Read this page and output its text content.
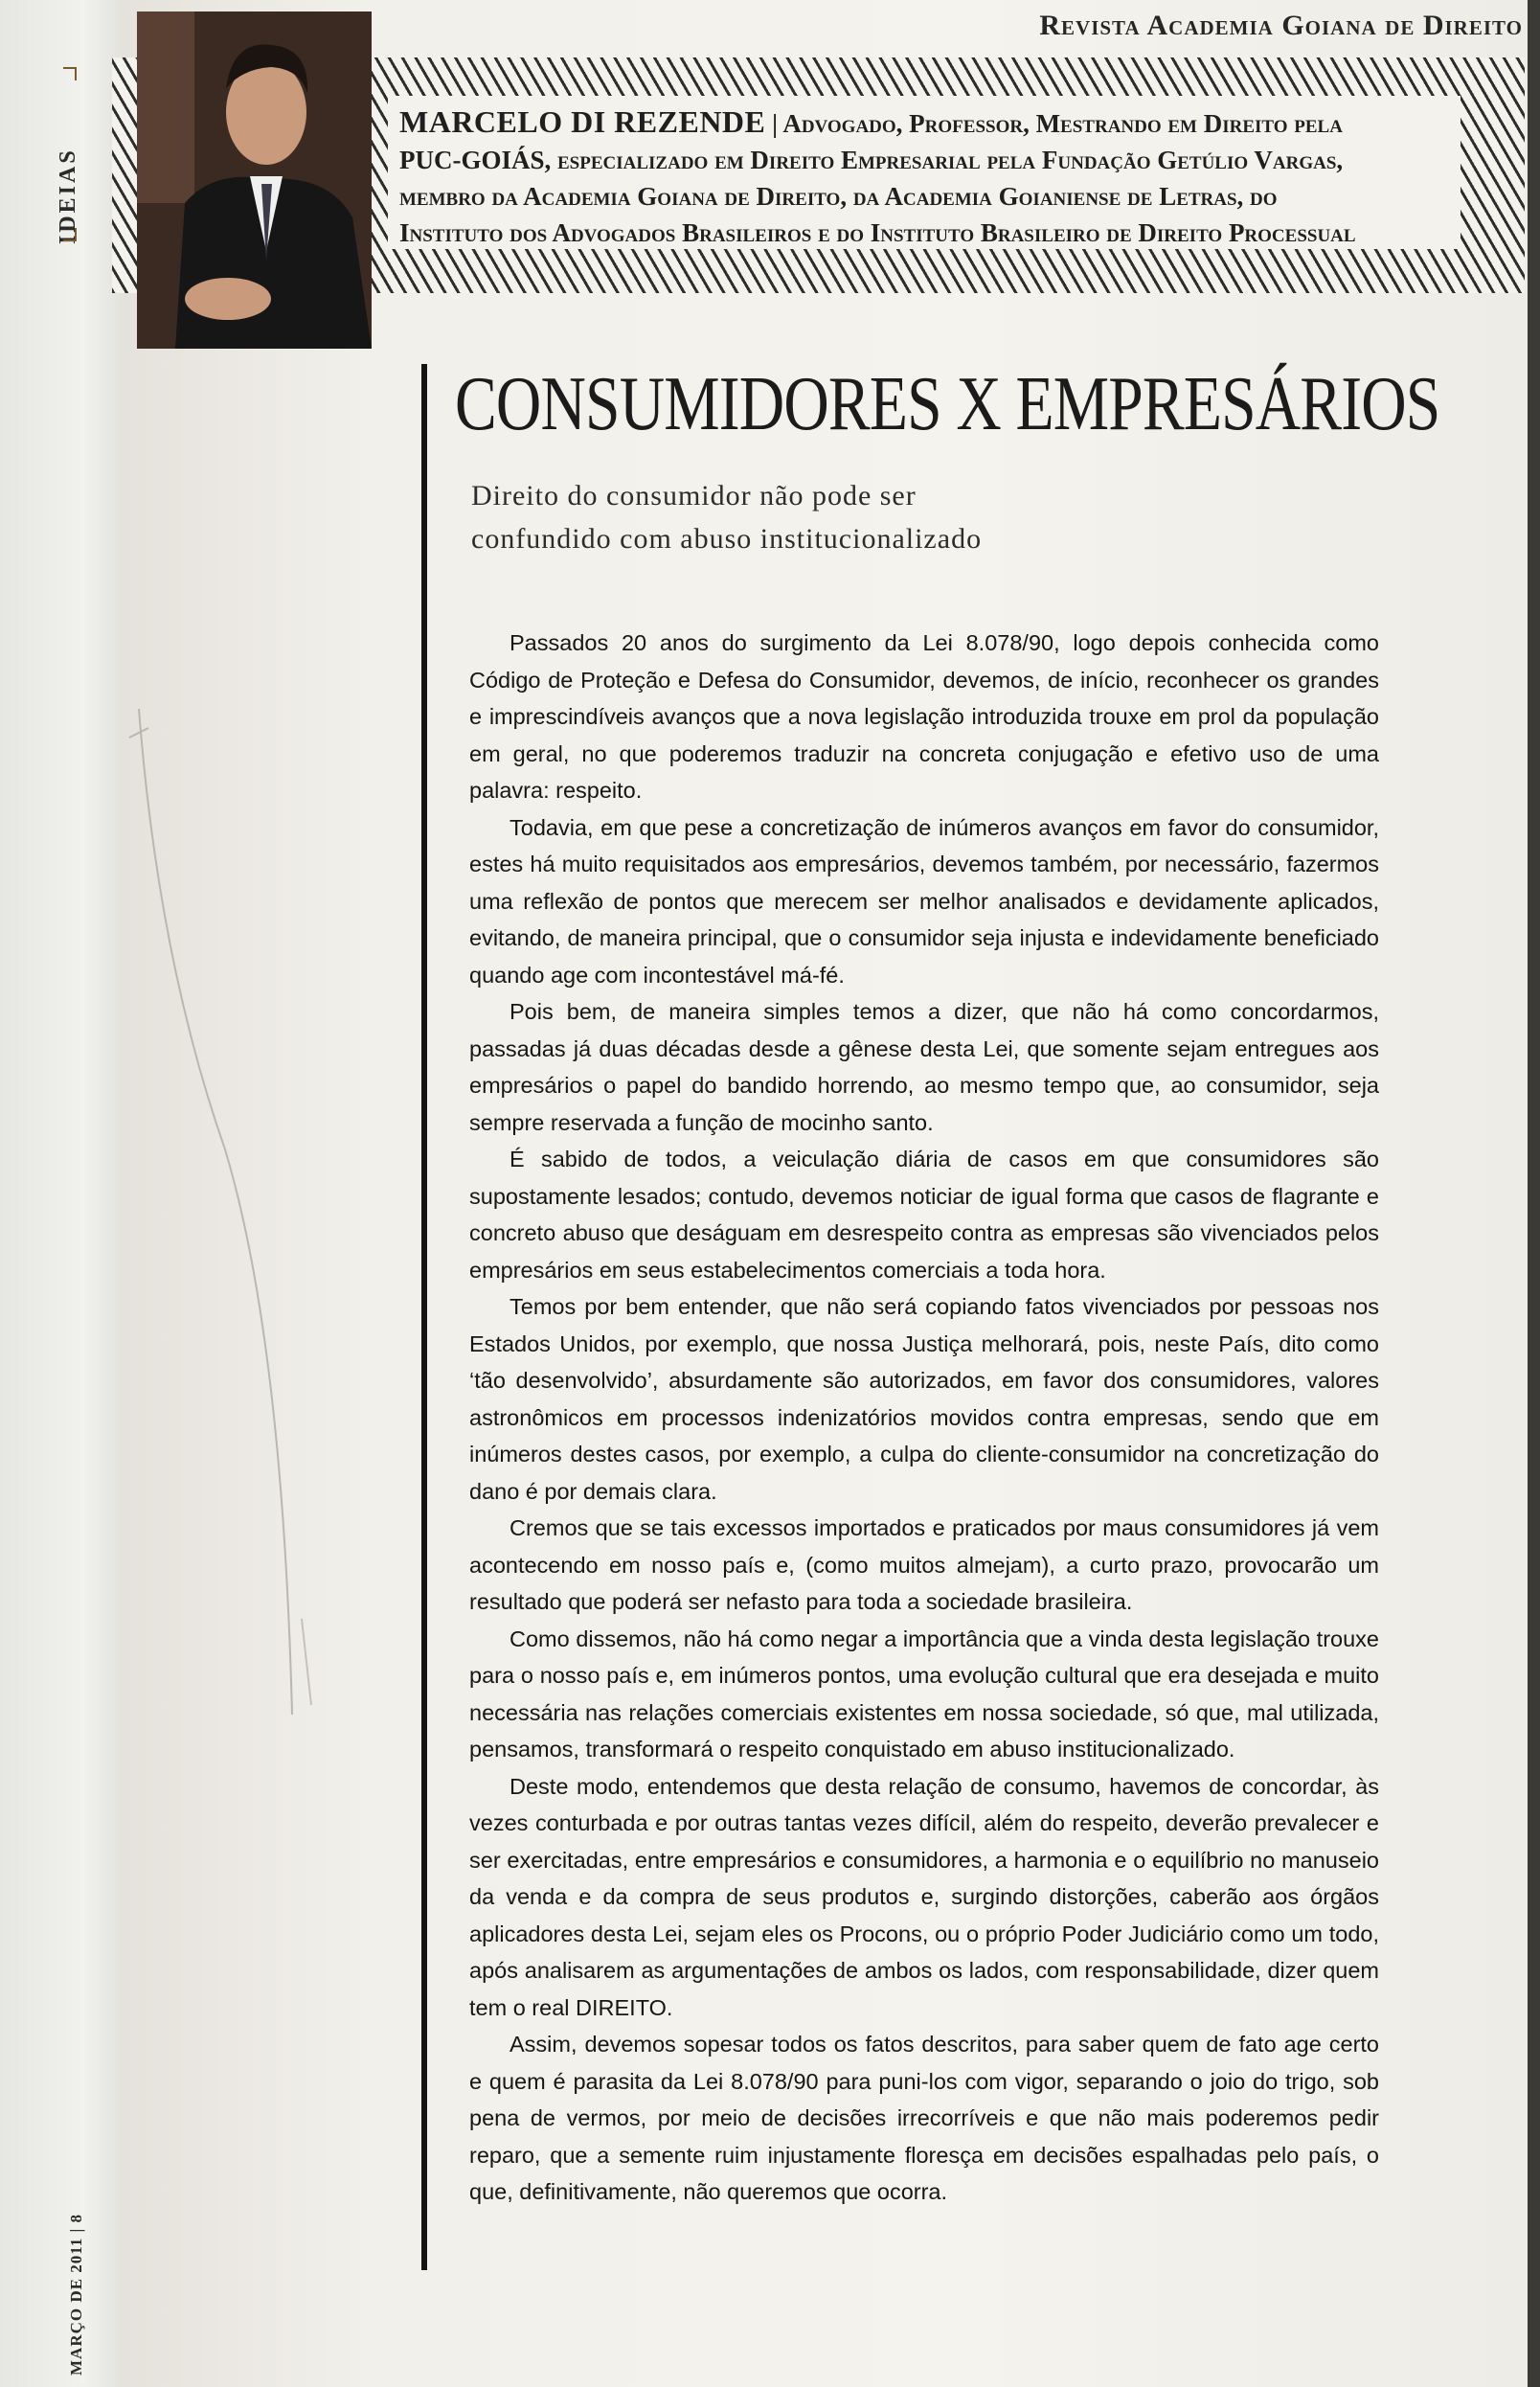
IDEIAS
MARÇO DE 2011 | 8
Revista Academia Goiana de Direito
MARCELO DI REZENDE | Advogado, Professor, Mestrando em Direito pela
PUC-GOIÁS, especializado em Direito Empresarial pela Fundação Getúlio Vargas,
membro da Academia Goiana de Direito, da Academia Goianiense de Letras, do
Instituto dos Advogados Brasileiros e do Instituto Brasileiro de Direito Processual
CONSUMIDORES X EMPRESÁRIOS
Direito do consumidor não pode ser
confundido com abuso institucionalizado

Passados 20 anos do surgimento da Lei 8.078/90, logo depois conhecida como Código de Proteção e Defesa do Consumidor, devemos, de início, reconhecer os grandes e imprescindíveis avanços que a nova legislação introduzida trouxe em prol da população em geral, no que poderemos traduzir na concreta conjugação e efetivo uso de uma palavra: respeito.

Todavia, em que pese a concretização de inúmeros avanços em favor do consumidor, estes há muito requisitados aos empresários, devemos também, por necessário, fazermos uma reflexão de pontos que merecem ser melhor analisados e devidamente aplicados, evitando, de maneira principal, que o consumidor seja injusta e indevidamente beneficiado quando age com incontestável má-fé.

Pois bem, de maneira simples temos a dizer, que não há como concordarmos, passadas já duas décadas desde a gênese desta Lei, que somente sejam entregues aos empresários o papel do bandido horrendo, ao mesmo tempo que, ao consumidor, seja sempre reservada a função de mocinho santo.

É sabido de todos, a veiculação diária de casos em que consumidores são supostamente lesados; contudo, devemos noticiar de igual forma que casos de flagrante e concreto abuso que deságuam em desrespeito contra as empresas são vivenciados pelos empresários em seus estabelecimentos comerciais a toda hora.

Temos por bem entender, que não será copiando fatos vivenciados por pessoas nos Estados Unidos, por exemplo, que nossa Justiça melhorará, pois, neste País, dito como ‘tão desenvolvido’, absurdamente são autorizados, em favor dos consumidores, valores astronômicos em processos indenizatórios movidos contra empresas, sendo que em inúmeros destes casos, por exemplo, a culpa do cliente-consumidor na concretização do dano é por demais clara.

Cremos que se tais excessos importados e praticados por maus consumidores já vem acontecendo em nosso país e, (como muitos almejam), a curto prazo, provocarão um resultado que poderá ser nefasto para toda a sociedade brasileira.

Como dissemos, não há como negar a importância que a vinda desta legislação trouxe para o nosso país e, em inúmeros pontos, uma evolução cultural que era desejada e muito necessária nas relações comerciais existentes em nossa sociedade, só que, mal utilizada, pensamos, transformará o respeito conquistado em abuso institucionalizado.

Deste modo, entendemos que desta relação de consumo, havemos de concordar, às vezes conturbada e por outras tantas vezes difícil, além do respeito, deverão prevalecer e ser exercitadas, entre empresários e consumidores, a harmonia e o equilíbrio no manuseio da venda e da compra de seus produtos e, surgindo distorções, caberão aos órgãos aplicadores desta Lei, sejam eles os Procons, ou o próprio Poder Judiciário como um todo, após analisarem as argumentações de ambos os lados, com responsabilidade, dizer quem tem o real DIREITO.

Assim, devemos sopesar todos os fatos descritos, para saber quem de fato age certo e quem é parasita da Lei 8.078/90 para puni-los com vigor, separando o joio do trigo, sob pena de vermos, por meio de decisões irrecorríveis e que não mais poderemos pedir reparo, que a semente ruim injustamente floresça em decisões espalhadas pelo país, o que, definitivamente, não queremos que ocorra.
